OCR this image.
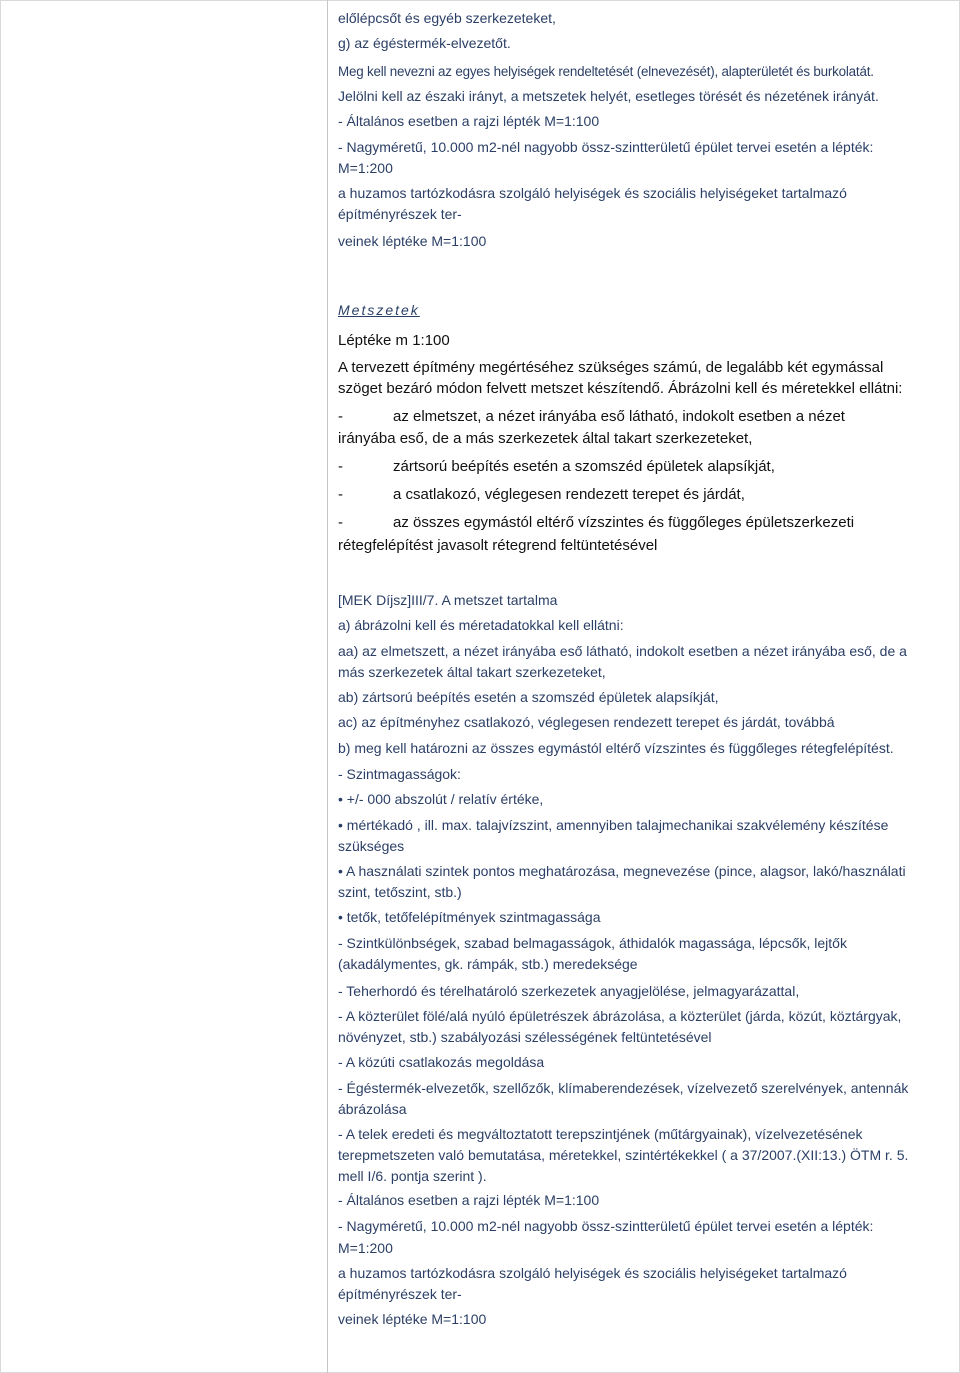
előlépcsőt és egyéb szerkezeteket,
g) az égéstermék-elvezetőt.
Meg kell nevezni az egyes helyiségek rendeltetését (elnevezését), alapterületét és burkolatát.
Jelölni kell az északi irányt, a metszetek helyét, esetleges törését és nézetének irányát.
- Általános esetben a rajzi lépték M=1:100
- Nagyméretű, 10.000 m2-nél nagyobb össz-szintterületű épület tervei esetén a lépték:
M=1:200
a huzamos tartózkodásra szolgáló helyiségek és szociális helyiségeket tartalmazó
építményrészek ter-
veinek léptéke M=1:100
Metszetek
Léptéke m 1:100
A tervezett építmény megértéséhez szükséges számú, de legalább két egymással
szöget bezáró módon felvett metszet készítendő. Ábrázolni kell és méretekkel ellátni:
-	az elmetszet, a nézet irányába eső látható, indokolt esetben a nézet
irányába eső, de a más szerkezetek által takart szerkezeteket,
-	zártsorú beépítés esetén a szomszéd épületek alapsíkját,
-	a csatlakozó, véglegesen rendezett terepet és járdát,
-	az összes egymástól eltérő vízszintes és függőleges épületszerkezeti
rétegfelépítést javasolt rétegrend feltüntetésével
[MEK Díjsz]III/7. A metszet tartalma
a) ábrázolni kell és méretadatokkal kell ellátni:
aa) az elmetszett, a nézet irányába eső látható, indokolt esetben a nézet irányába eső, de a
más szerkezetek által takart szerkezeteket,
ab) zártsorú beépítés esetén a szomszéd épületek alapsíkját,
ac) az építményhez csatlakozó, véglegesen rendezett terepet és járdát, továbbá
b) meg kell határozni az összes egymástól eltérő vízszintes és függőleges rétegfelépítést.
- Szintmagasságok:
• +/- 000 abszolút / relatív értéke,
• mértékadó , ill. max. talajvízszint, amennyiben talajmechanikai szakvélemény készítése
szükséges
• A használati szintek pontos meghatározása, megnevezése (pince, alagsor, lakó/használati
szint, tetőszint, stb.)
• tetők, tetőfelépítmények szintmagassága
- Szintkülönbségek, szabad belmagasságok, áthidalók magassága, lépcsők, lejtők
(akadálymentes, gk. rámpák, stb.) meredeksége
- Teherhordó és térelhatároló szerkezetek anyagjelölése, jelmagyarázattal,
- A közterület fölé/alá nyúló épületrészek ábrázolása, a közterület (járda, közút, köztárgyak,
növényzet, stb.) szabályozási szélességének feltüntetésével
- A közúti csatlakozás megoldása
- Égéstermék-elvezetők, szellőzők, klímaberendezések, vízelvezető szerelvények, antennák
ábrázolása
- A telek eredeti és megváltoztatott terepszintjének (műtárgyainak), vízelvezetésének
terepmetszeten való bemutatása, méretekkel, szintértékekkel ( a 37/2007.(XII:13.) ÖTM r. 5.
mell I/6. pontja szerint ).
- Általános esetben a rajzi lépték M=1:100
- Nagyméretű, 10.000 m2-nél nagyobb össz-szintterületű épület tervei esetén a lépték:
M=1:200
a huzamos tartózkodásra szolgáló helyiségek és szociális helyiségeket tartalmazó
építményrészek ter-
veinek léptéke M=1:100
